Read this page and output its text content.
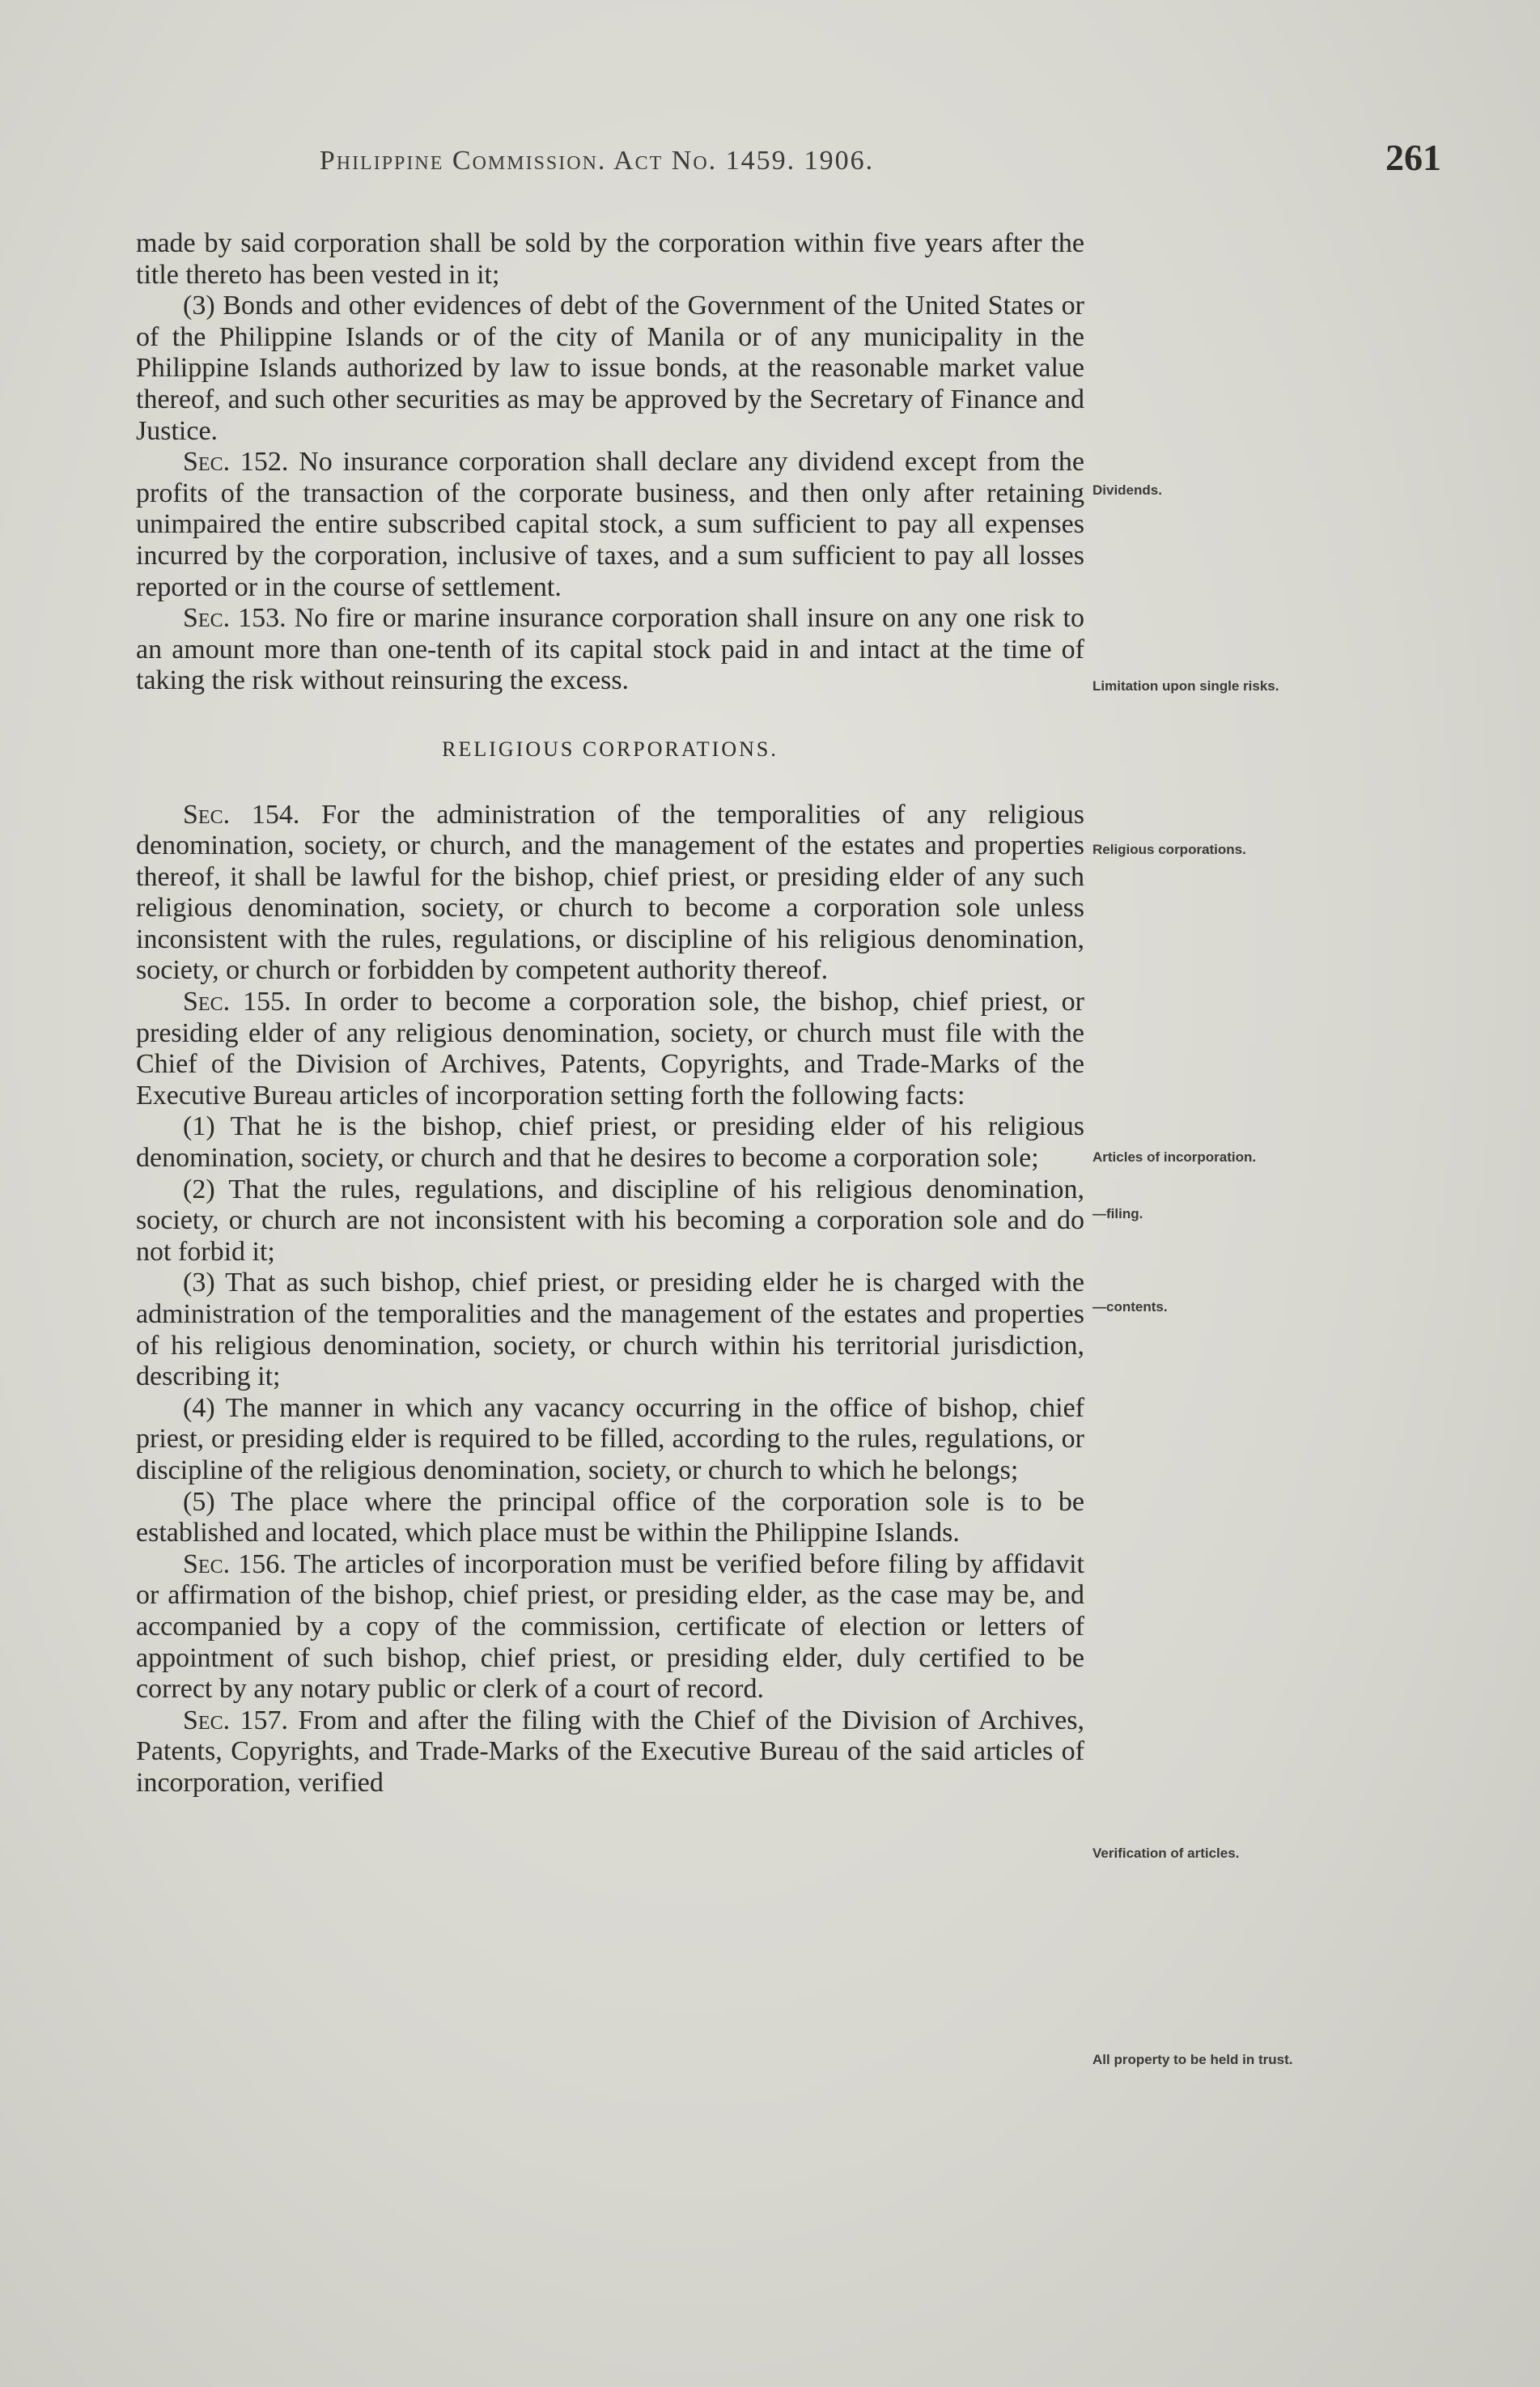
Philippine Commission. Act No. 1459. 1906.	261

made by said corporation shall be sold by the corporation within five years after the title thereto has been vested in it;

(3) Bonds and other evidences of debt of the Government of the United States or of the Philippine Islands or of the city of Manila or of any municipality in the Philippine Islands authorized by law to issue bonds, at the reasonable market value thereof, and such other securities as may be approved by the Secretary of Finance and Justice.

Sec. 152. No insurance corporation shall declare any dividend except from the profits of the transaction of the corporate business, and then only after retaining unimpaired the entire subscribed capital stock, a sum sufficient to pay all expenses incurred by the corporation, inclusive of taxes, and a sum sufficient to pay all losses reported or in the course of settlement.

Sec. 153. No fire or marine insurance corporation shall insure on any one risk to an amount more than one-tenth of its capital stock paid in and intact at the time of taking the risk without reinsuring the excess.

RELIGIOUS CORPORATIONS.

Sec. 154. For the administration of the temporalities of any religious denomination, society, or church, and the management of the estates and properties thereof, it shall be lawful for the bishop, chief priest, or presiding elder of any such religious denomination, society, or church to become a corporation sole unless inconsistent with the rules, regulations, or discipline of his religious denomination, society, or church or forbidden by competent authority thereof.

Sec. 155. In order to become a corporation sole, the bishop, chief priest, or presiding elder of any religious denomination, society, or church must file with the Chief of the Division of Archives, Patents, Copyrights, and Trade-Marks of the Executive Bureau articles of incorporation setting forth the following facts:

(1) That he is the bishop, chief priest, or presiding elder of his religious denomination, society, or church and that he desires to become a corporation sole;

(2) That the rules, regulations, and discipline of his religious denomination, society, or church are not inconsistent with his becoming a corporation sole and do not forbid it;

(3) That as such bishop, chief priest, or presiding elder he is charged with the administration of the temporalities and the management of the estates and properties of his religious denomination, society, or church within his territorial jurisdiction, describing it;

(4) The manner in which any vacancy occurring in the office of bishop, chief priest, or presiding elder is required to be filled, according to the rules, regulations, or discipline of the religious denomination, society, or church to which he belongs;

(5) The place where the principal office of the corporation sole is to be established and located, which place must be within the Philippine Islands.

Sec. 156. The articles of incorporation must be verified before filing by affidavit or affirmation of the bishop, chief priest, or presiding elder, as the case may be, and accompanied by a copy of the commission, certificate of election or letters of appointment of such bishop, chief priest, or presiding elder, duly certified to be correct by any notary public or clerk of a court of record.

Sec. 157. From and after the filing with the Chief of the Division of Archives, Patents, Copyrights, and Trade-Marks of the Executive Bureau of the said articles of incorporation, verified

Dividends.
Limitation upon single risks.
Religious corporations.
Articles of incorporation.
—filing.
—contents.
Verification of articles.
All property to be held in trust.
